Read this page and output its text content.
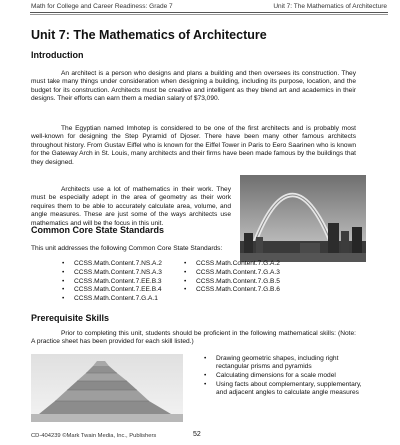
Math for College and Career Readiness: Grade 7	Unit 7: The Mathematics of Architecture
Unit 7: The Mathematics of Architecture
Introduction

An architect is a person who designs and plans a building and then oversees its construction. They must take many things under consideration when designing a building, including its purpose, location, and the budget for its construction. Architects must be creative and intelligent as they blend art and academics in their designs. Their efforts can earn them a median salary of $73,090.

The Egyptian named Imhotep is considered to be one of the first architects and is probably most well-known for designing the Step Pyramid of Djoser. There have been many other famous architects throughout history. From Gustav Eiffel who is known for the Eiffel Tower in Paris to Eero Saarinen who is known for the Gateway Arch in St. Louis, many architects and their firms have been made famous by the buildings that they designed.

Architects use a lot of mathematics in their work. They must be especially adept in the area of geometry as their work requires them to be able to accurately calculate area, volume, and angle measures. These are just some of the ways architects use mathematics and will be the focus in this unit.

Common Core State Standards

This unit addresses the following Common Core State Standards:

• CCSS.Math.Content.7.NS.A.2
• CCSS.Math.Content.7.NS.A.3
• CCSS.Math.Content.7.EE.B.3
• CCSS.Math.Content.7.EE.B.4
• CCSS.Math.Content.7.G.A.1
• CCSS.Math.Content.7.G.A.2
• CCSS.Math.Content.7.G.A.3
• CCSS.Math.Content.7.G.B.5
• CCSS.Math.Content.7.G.B.6
Prerequisite Skills

Prior to completing this unit, students should be proficient in the following mathematical skills: (Note: A practice sheet has been provided for each skill listed.)

• Drawing geometric shapes, including right rectangular prisms and pyramids
• Calculating dimensions for a scale model
• Using facts about complementary, supplementary, and adjacent angles to calculate angle measures
CD-404239 ©Mark Twain Media, Inc., Publishers	52
